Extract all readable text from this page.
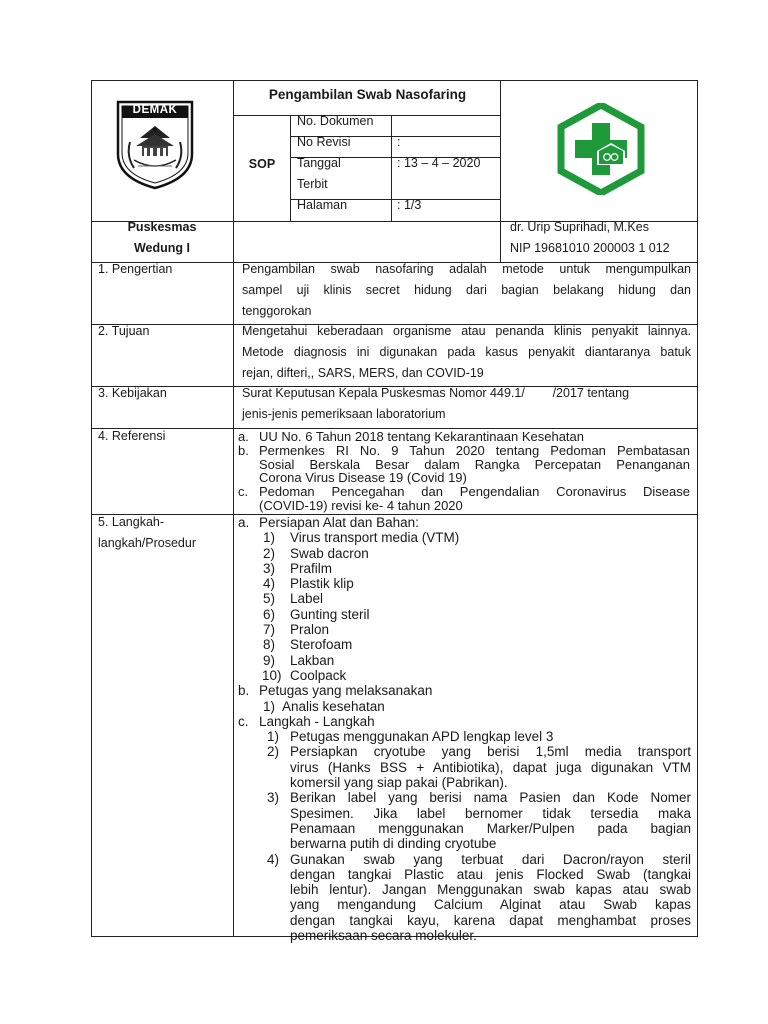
DEMAK
Pengambilan Swab Nasofaring
SOP
No. Dokumen
No Revisi	:
Tanggal
Terbit
: 13 – 4 – 2020
Halaman	: 1/3
Puskesmas
Wedung I
dr. Urip Suprihadi, M.Kes
NIP 19681010 200003 1 012
1. Pengertian	Pengambilan swab nasofaring adalah metode untuk mengumpulkan
sampel uji klinis secret hidung dari bagian belakang hidung dan
tenggorokan
2. Tujuan	Mengetahui keberadaan organisme atau penanda klinis penyakit lainnya.
Metode diagnosis ini digunakan pada kasus penyakit diantaranya batuk
rejan, difteri,, SARS, MERS, dan COVID-19
3. Kebijakan	Surat Keputusan Kepala Puskesmas Nomor 449.1/        /2017 tentang
jenis-jenis pemeriksaan laboratorium
4. Referensi	a. UU No. 6 Tahun 2018 tentang Kekarantinaan Kesehatan
b. Permenkes RI No. 9 Tahun 2020 tentang Pedoman Pembatasan
Sosial Berskala Besar dalam Rangka Percepatan Penanganan
Corona Virus Disease 19 (Covid 19)
c. Pedoman Pencegahan dan Pengendalian Coronavirus Disease
(COVID-19) revisi ke- 4 tahun 2020
5. Langkah-
langkah/Prosedur
a. Persiapan Alat dan Bahan:
1) Virus transport media (VTM)
2) Swab dacron
3) Prafilm
4) Plastik klip
5) Label
6) Gunting steril
7) Pralon
8) Sterofoam
9) Lakban
10) Coolpack
b. Petugas yang melaksanakan
1) Analis kesehatan
c. Langkah - Langkah
1) Petugas menggunakan APD lengkap level 3
2) Persiapkan cryotube yang berisi 1,5ml media transport
virus (Hanks BSS + Antibiotika), dapat juga digunakan VTM
komersil yang siap pakai (Pabrikan).
3) Berikan label yang berisi nama Pasien dan Kode Nomer
Spesimen. Jika label bernomer tidak tersedia maka
Penamaan menggunakan Marker/Pulpen pada bagian
berwarna putih di dinding cryotube
4) Gunakan swab yang terbuat dari Dacron/rayon steril
dengan tangkai Plastic atau jenis Flocked Swab (tangkai
lebih lentur). Jangan Menggunakan swab kapas atau swab
yang mengandung Calcium Alginat atau Swab kapas
dengan tangkai kayu, karena dapat menghambat proses
pemeriksaan secara molekuler.
